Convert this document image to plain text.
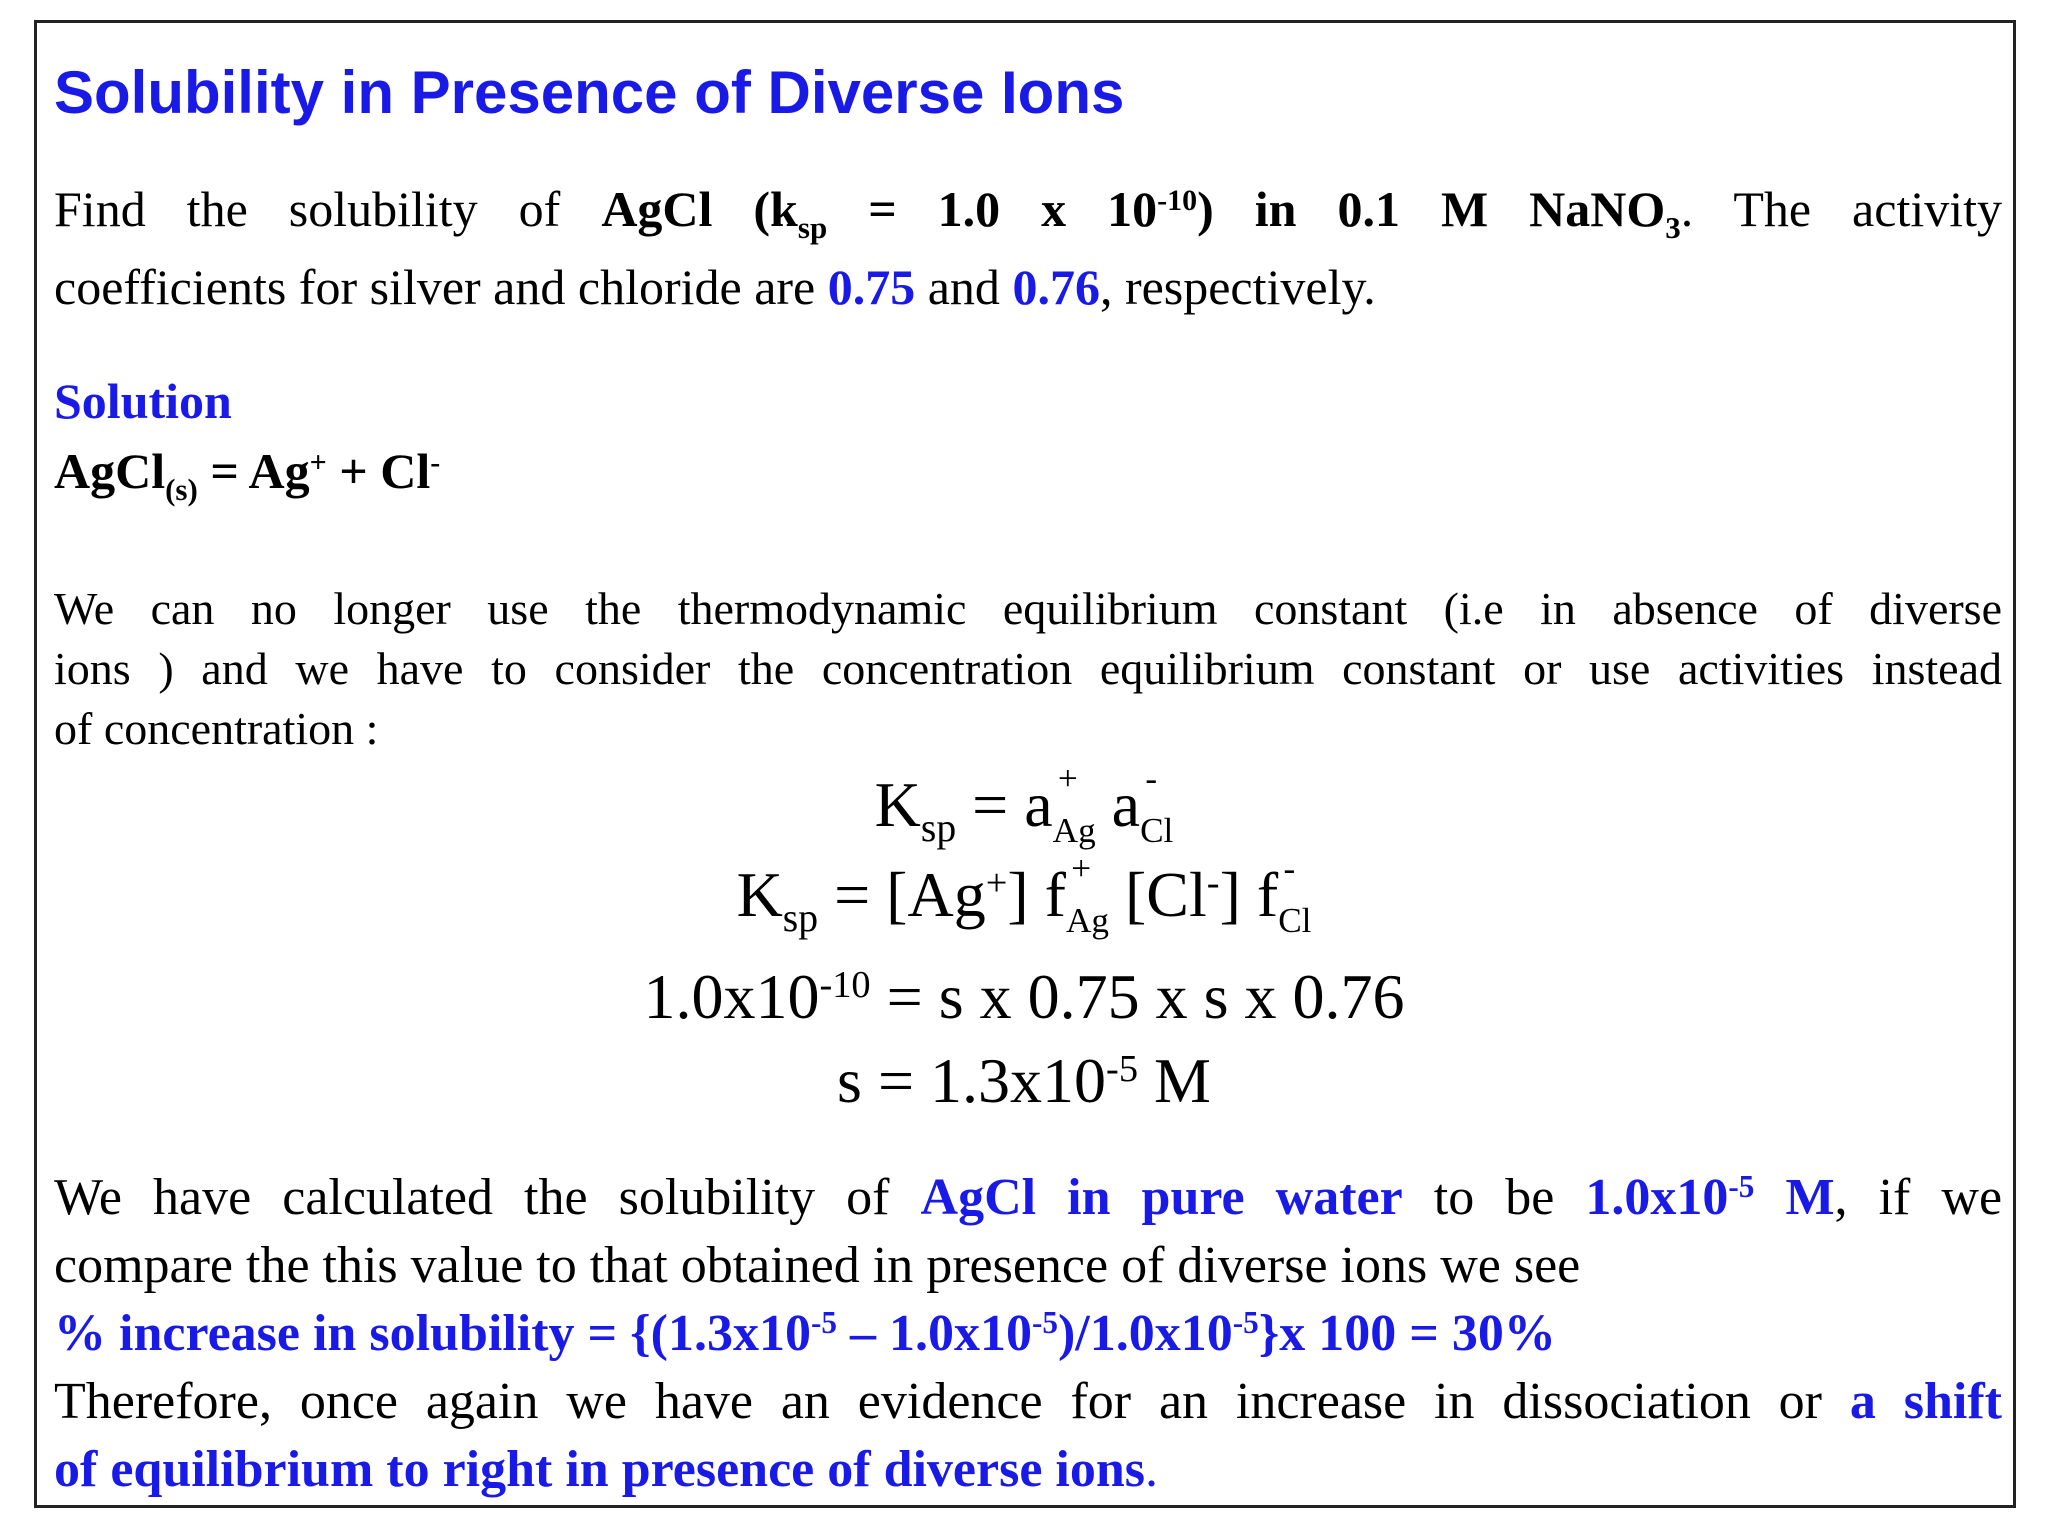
Solubility in Presence of Diverse Ions

Find the solubility of AgCl ($k_{sp} = 1.0$ x $10^{-10}$) in 0.1 M NaNO$_3$. The activity

coefficients for silver and chloride are 0.75 and 0.76, respectively.

Solution

AgCl$_{(s)}$ = Ag+ + Cl-

We can no longer use the thermodynamic equilibrium constant (i.e in absence of diverse

ions ) and we have to consider the concentration equilibrium constant or use activities instead

of concentration :

$K_{sp} = a$ +
$_{Ag}$ a -
$_{Cl}$

$K_{sp} = [Ag^+] f$ +
$_{Ag}$ [Cl-] f -
$_{Cl}$

$1.0x10^{-10} = s$ x 0.75 x s x 0.76

$s = 1.3x10^{-5}$ M

We have calculated the solubility of AgCl in pure water to be $1.0x10^{-5}$ M, if we

compare the this value to that obtained in presence of diverse ions we see

% increase in solubility = $\{(1.3x10^{-5} - 1.0x10^{-5})/1.0x10^{-5}\}x$ 100 = 30%

Therefore, once again we have an evidence for an increase in dissociation or a shift

of equilibrium to right in presence of diverse ions.
